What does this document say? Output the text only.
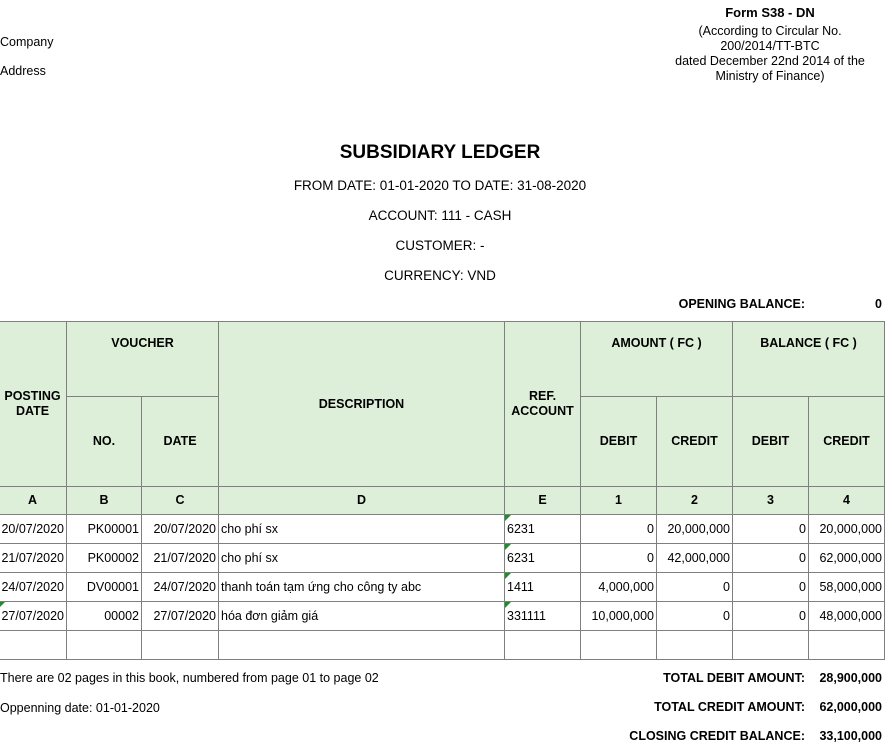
Form S38 - DN
(According to Circular No.
200/2014/TT-BTC
dated December 22nd 2014 of the
Ministry of Finance)
Company
Address
SUBSIDIARY LEDGER
FROM DATE: 01-01-2020 TO DATE: 31-08-2020
ACCOUNT: 111 - CASH
CUSTOMER: -
CURRENCY: VND
OPENING BALANCE:	0
POSTING DATE	VOUCHER		DESCRIPTION	REF. ACCOUNT	AMOUNT ( FC )		BALANCE ( FC )	
	NO.	DATE			DEBIT	CREDIT	DEBIT	CREDIT
A	B	C	D	E	1	2	3	4
20/07/2020	PK00001	20/07/2020	cho phí sx	6231	0	20,000,000	0	20,000,000
21/07/2020	PK00002	21/07/2020	cho phí sx	6231	0	42,000,000	0	62,000,000
24/07/2020	DV00001	24/07/2020	thanh toán tạm ứng cho công ty abc	1411	4,000,000	0	0	58,000,000
27/07/2020	00002	27/07/2020	hóa đơn giảm giá	331111	10,000,000	0	0	48,000,000

There are 02 pages in this book, numbered from page 01 to page 02
Oppenning date: 01-01-2020
TOTAL DEBIT AMOUNT:	28,900,000
TOTAL CREDIT AMOUNT:	62,000,000
CLOSING CREDIT BALANCE:	33,100,000
